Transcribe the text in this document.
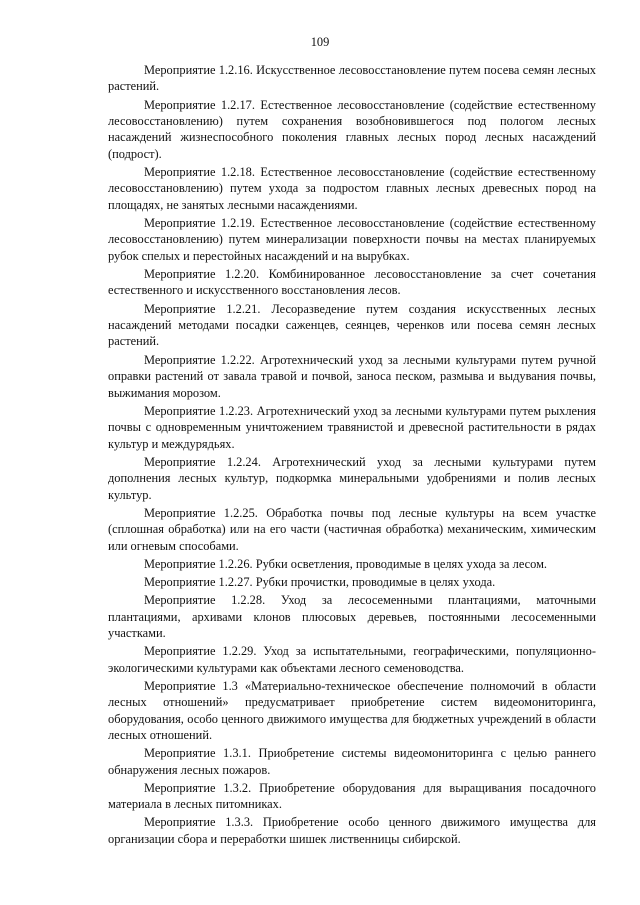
109

Мероприятие 1.2.16. Искусственное лесовосстановление путем посева семян лесных растений.

Мероприятие 1.2.17. Естественное лесовосстановление (содействие естественному лесовосстановлению) путем сохранения возобновившегося под пологом лесных насаждений жизнеспособного поколения главных лесных пород лесных насаждений (подрост).

Мероприятие 1.2.18. Естественное лесовосстановление (содействие естественному лесовосстановлению) путем ухода за подростом главных лесных древесных пород на площадях, не занятых лесными насаждениями.

Мероприятие 1.2.19. Естественное лесовосстановление (содействие естественному лесовосстановлению) путем минерализации поверхности почвы на местах планируемых рубок спелых и перестойных насаждений и на вырубках.

Мероприятие 1.2.20. Комбинированное лесовосстановление за счет сочетания естественного и искусственного восстановления лесов.

Мероприятие 1.2.21. Лесоразведение путем создания искусственных лесных насаждений методами посадки саженцев, сеянцев, черенков или посева семян лесных растений.

Мероприятие 1.2.22. Агротехнический уход за лесными культурами путем ручной оправки растений от завала травой и почвой, заноса песком, размыва и выдувания почвы, выжимания морозом.

Мероприятие 1.2.23. Агротехнический уход за лесными культурами путем рыхления почвы с одновременным уничтожением травянистой и древесной растительности в рядах культур и междурядьях.

Мероприятие 1.2.24. Агротехнический уход за лесными культурами путем дополнения лесных культур, подкормка минеральными удобрениями и полив лесных культур.

Мероприятие 1.2.25. Обработка почвы под лесные культуры на всем участке (сплошная обработка) или на его части (частичная обработка) механическим, химическим или огневым способами.

Мероприятие 1.2.26. Рубки осветления, проводимые в целях ухода за лесом.

Мероприятие 1.2.27. Рубки прочистки, проводимые в целях ухода.

Мероприятие 1.2.28. Уход за лесосеменными плантациями, маточными плантациями, архивами клонов плюсовых деревьев, постоянными лесосеменными участками.

Мероприятие 1.2.29. Уход за испытательными, географическими, популяционно-экологическими культурами как объектами лесного семеноводства.

Мероприятие 1.3 «Материально-техническое обеспечение полномочий в области лесных отношений» предусматривает приобретение систем видеомониторинга, оборудования, особо ценного движимого имущества для бюджетных учреждений в области лесных отношений.

Мероприятие 1.3.1. Приобретение системы видеомониторинга с целью раннего обнаружения лесных пожаров.

Мероприятие 1.3.2. Приобретение оборудования для выращивания посадочного материала в лесных питомниках.

Мероприятие 1.3.3. Приобретение особо ценного движимого имущества для организации сбора и переработки шишек лиственницы сибирской.
